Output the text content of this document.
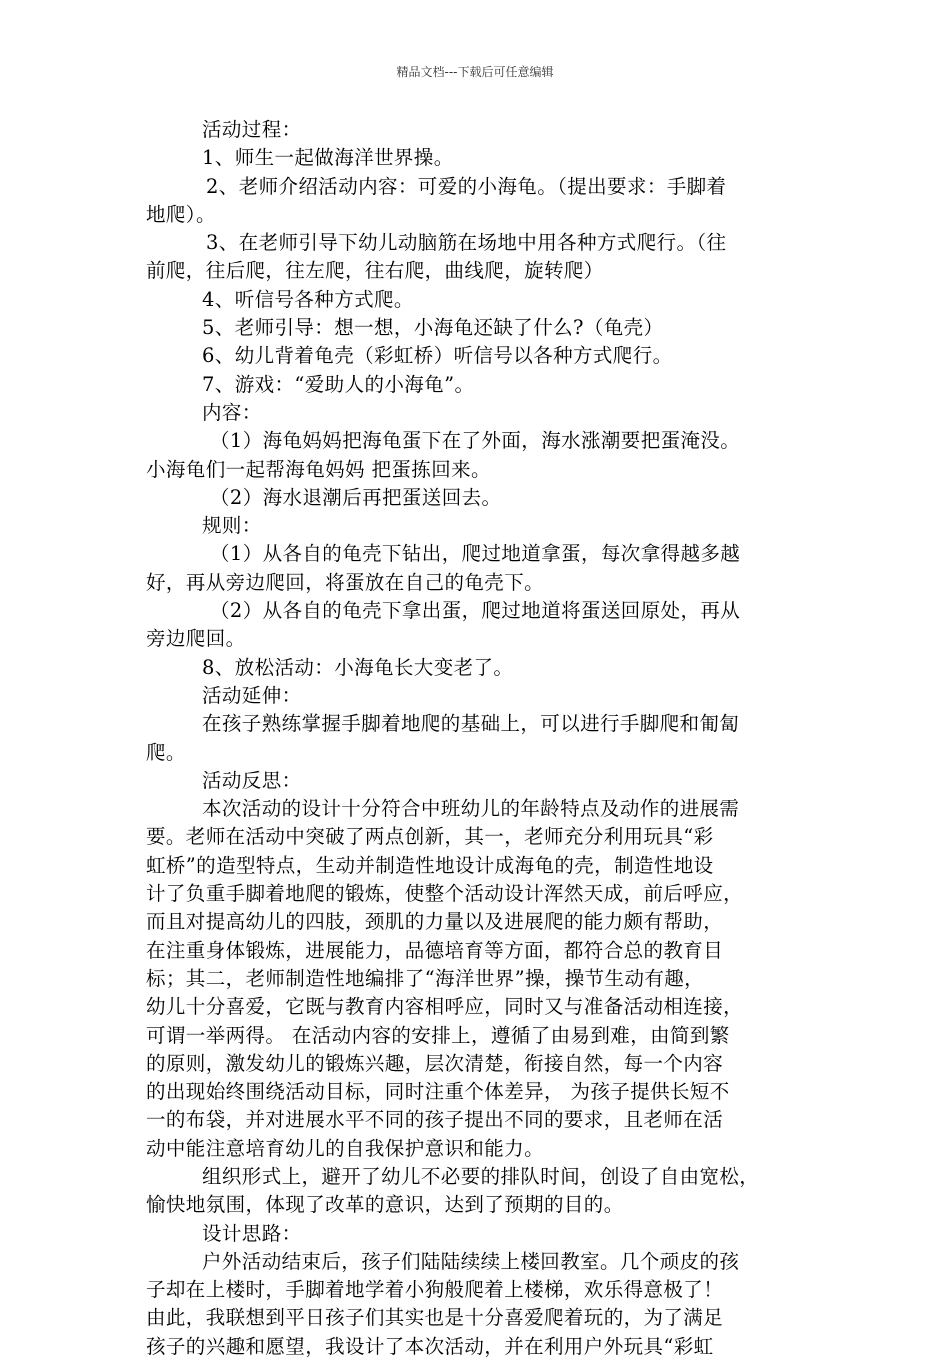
精品文档---下载后可任意编辑
活动过程：
1、师生一起做海洋世界操。
2、老师介绍活动内容：可爱的小海龟。（提出要求：手脚着
地爬）。
3、在老师引导下幼儿动脑筋在场地中用各种方式爬行。（往
前爬，往后爬，往左爬，往右爬，曲线爬，旋转爬）
4、听信号各种方式爬。
5、老师引导：想一想，小海龟还缺了什么?（龟壳）
6、幼儿背着龟壳（彩虹桥）听信号以各种方式爬行。
7、游戏：“爱助人的小海龟”。
内容：
（1）海龟妈妈把海龟蛋下在了外面，海水涨潮要把蛋淹没。
小海龟们一起帮海龟妈妈 把蛋拣回来。
（2）海水退潮后再把蛋送回去。
规则：
（1）从各自的龟壳下钻出，爬过地道拿蛋，每次拿得越多越
好，再从旁边爬回，将蛋放在自己的龟壳下。
（2）从各自的龟壳下拿出蛋，爬过地道将蛋送回原处，再从
旁边爬回。
8、放松活动：小海龟长大变老了。
活动延伸：
在孩子熟练掌握手脚着地爬的基础上，可以进行手脚爬和匍匐
爬。
活动反思：
本次活动的设计十分符合中班幼儿的年龄特点及动作的进展需
要。老师在活动中突破了两点创新，其一，老师充分利用玩具“彩
虹桥”的造型特点，生动并制造性地设计成海龟的壳，制造性地设
计了负重手脚着地爬的锻炼，使整个活动设计浑然天成，前后呼应，
而且对提高幼儿的四肢，颈肌的力量以及进展爬的能力颇有帮助，
在注重身体锻炼，进展能力，品德培育等方面，都符合总的教育目
标；其二，老师制造性地编排了“海洋世界”操，操节生动有趣，
幼儿十分喜爱，它既与教育内容相呼应，同时又与准备活动相连接，
可谓一举两得。 在活动内容的安排上，遵循了由易到难，由简到繁
的原则，激发幼儿的锻炼兴趣，层次清楚，衔接自然，每一个内容
的出现始终围绕活动目标，同时注重个体差异， 为孩子提供长短不
一的布袋，并对进展水平不同的孩子提出不同的要求，且老师在活
动中能注意培育幼儿的自我保护意识和能力。
组织形式上，避开了幼儿不必要的排队时间，创设了自由宽松，
愉快地氛围，体现了改革的意识，达到了预期的目的。
设计思路：
户外活动结束后，孩子们陆陆续续上楼回教室。几个顽皮的孩
子却在上楼时，手脚着地学着小狗般爬着上楼梯，欢乐得意极了！
由此，我联想到平日孩子们其实也是十分喜爱爬着玩的，为了满足
孩子的兴趣和愿望，我设计了本次活动，并在利用户外玩具“彩虹
